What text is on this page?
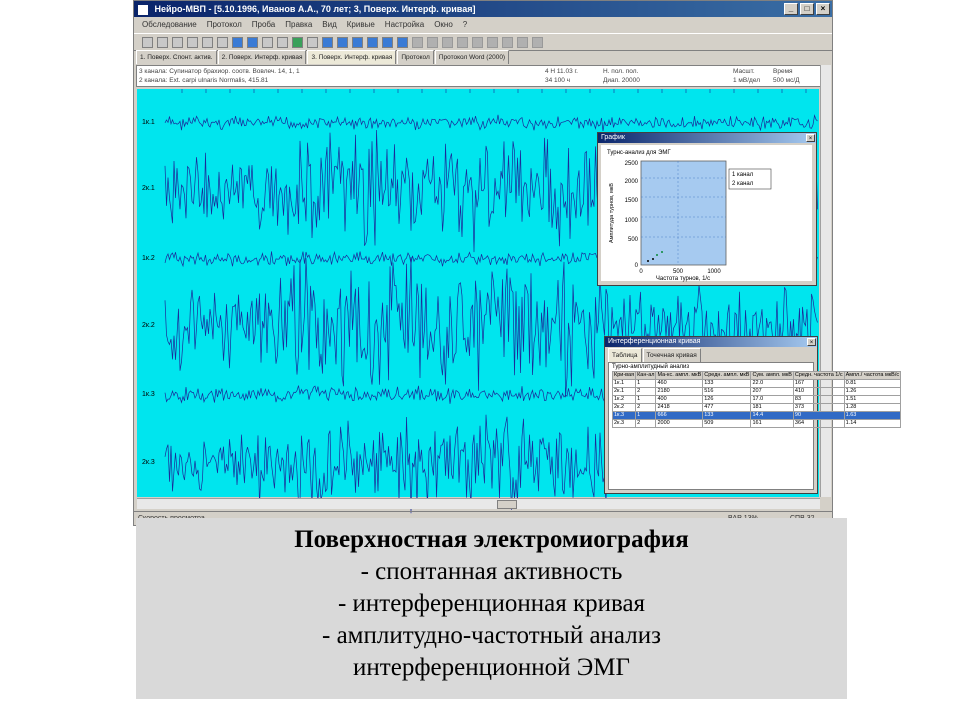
Нейро-МВП - [5.10.1996, Иванов А.А., 70 лет; 3, Поверх. Интерф. кривая]	_	□	×
Обследование Протокол Проба Правка Вид Кривые Настройка Окно ?
1. Поверх. Спонт. актив.	2. Поверх. Интерф. кривая	3. Поверх. Интерф. кривая	Протокол	Протокол Word (2000)
3 канала: Супинатор брахиор. соотв. Вовлеч. 14, 1, 1
2 канала: Ext. carpi ulnaris Normalis, 415.81
4 Н 11.03 г.
34 100 ч
Н. пол. пол.
Диап. 20000
Масшт.
1 мВ/дел
Время
500 мс/Д
1к.1
2к.1
1к.2
2к.2
1к.3
2к.3
График	×
Турнс-анализ для ЭМГ
2500
2000
1500
1000
500
0
0	500	1000
Частота турнов, 1/с
Амплитуда турнов, мкВ
1 канал
2 канал
Интерференционная кривая	×
Таблица	Точечная кривая
Турно-амплитудный анализ
Кри-вая	Кан-ал	Ма-кс. ампл. мкВ	Средн. ампл. мкВ	Сум. ампл. мкВ	Средн. частота 1/с	Ампл./ частота мкВ/с
1к.1	1	460	133	22.0	167	0.81
2к.1	2	2180	516	207	410	1.26
1к.2	1	400	126	17.0	83	1.51
2к.2	2	2418	477	181	373	1.28
1к.3	1	666	133	14.4	90	1.63
2к.3	2	2000	509	161	364	1.14
Поверхностная электромиография
- спонтанная активность
- интерференционная кривая
- амплитудно-частотный анализ
интерференционной ЭМГ
